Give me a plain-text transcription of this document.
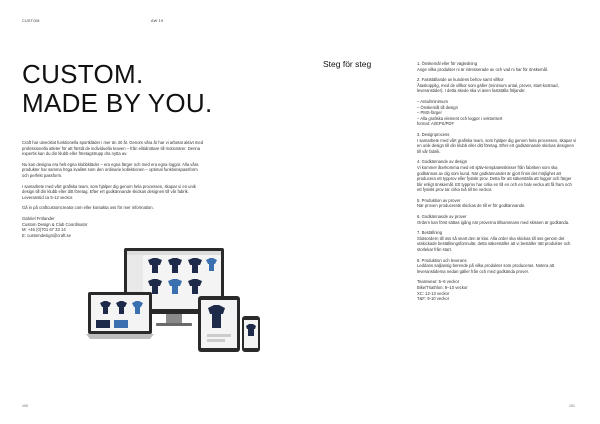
CUSTOM	AW 19
CUSTOM.
MADE BY YOU.

Craft har utvecklat funktionella sportkläder i mer än 30 år. Genom våra år har vi arbetat aktivt med professionella atleter för att förstå de individuella kraven – från elitidrottare till motionärer. Denna expertis kan du din klubb eller företagstrupp dra nytta av.

Nu kan designa era helt egna klubbkläder – era egna färger och med era egna loggor. Alla våra produkter har samma höga kvalitet som den ordinarie kollektionen – optimal funktionspassform och perfekt passform.

I samarbete med vårt grafiska team, som hjälper dig genom hela processen, skapar vi en unik design till din klubb eller ditt företag. Efter ert godkännande skickas designen till vår fabrik. Leveranstid ca 5-12 veckor.

Gå in på craftcustomcreator.com eller kontakta oss för mer information.

Gabriel Frölander
Custom Design & Club Coordinator
M: +46 (0)701 67 33 14
E: customdesign@craft.se
Steg för steg	1. Önskemål eller för vägledning
Ange vilka produkter ni är intresserade av och vad ni har för önskemål.

2. Fastställande av kundens behov samt villkor
Åtaskopplig, med de villkor som gäller (minimum antal, prover, start-kostnad, leveranstider). I detta skede ska vi även fastställa följande:

– Antal/minimum
– Önskemål till design
– PMS-färger
– Alla grafiska element och loggor i vektorisert
format: AI/EPS/PDF

3. Designprocess
I samarbete med vårt grafiska team, som hjälper dig genom hela processen, skapar vi en unik design till din klubb eller ditt företag. Efter ert godkännande skickas designen till vår fabrik.

4. Godkännande av design
Vi kommer återkomma med ett själv-templatesskisser från fabriken som ska godkännas av dig som kund. När godkännandet är gjort finns det möjlighet att producera ett typprov eller fysiskt prov. Detta för att säkerställa att loggor och färger blir enligt önskemål. Ett typprov har cirka en till en och en halv vecka att få fram och ett fysiskt prov tar cirka två till tre veckor.

5. Produktion av prover
När proven producerats skickas de till er för godkännande.

6. Godkännande av prover
Ordern kan först sättas igång när proverna tillsammans med skissen är godkända.

7. Beställning
Slutsordern till oss så snart den är klar. Alla order ska skickas till oss genom det utskickade beställningsformulär, detta säkerställer att vi beställer rätt produkter och storlekar från start.

8. Produktion och leverans
Leddans saljlansig berende på vilka produkter som produceras. Notera att leveranstiderna nedan gäller från och med godkända prover.

Teamwear: 5–6 veckor
Bike/Triathlon: 8–10 veckor
XC: 12-13 veckor
T&F: 9-10 veckor
100	101
